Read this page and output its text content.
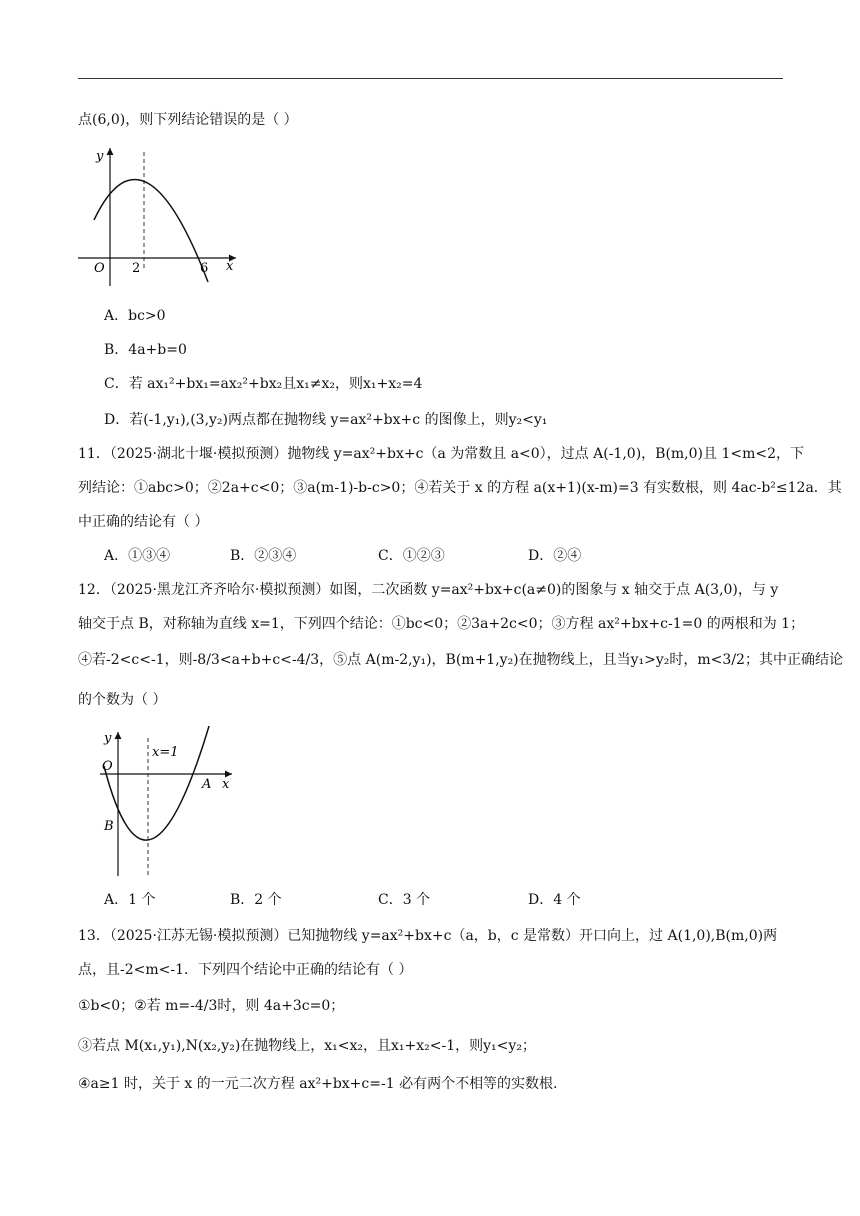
点(6,0)，则下列结论错误的是（ ）
y
x
O 2	6
A．bc>0
B．4a+b=0
C．若 ax₁²+bx₁=ax₂²+bx₂且x₁≠x₂，则x₁+x₂=4
D．若(-1,y₁),(3,y₂)两点都在抛物线 y=ax²+bx+c 的图像上，则y₂<y₁
11．（2025·湖北十堰·模拟预测）抛物线 y=ax²+bx+c（a 为常数且 a<0），过点 A(-1,0)，B(m,0)且 1<m<2，下
列结论：①abc>0；②2a+c<0；③a(m-1)-b-c>0；④若关于 x 的方程 a(x+1)(x-m)=3 有实数根，则 4ac-b²≤12a．其
中正确的结论有（ ）
A．①③④	B．②③④	C．①②③	D．②④
12．（2025·黑龙江齐齐哈尔·模拟预测）如图，二次函数 y=ax²+bx+c(a≠0)的图象与 x 轴交于点 A(3,0)，与 y
轴交于点 B，对称轴为直线 x=1，下列四个结论：①bc<0；②3a+2c<0；③方程 ax²+bx+c-1=0 的两根和为 1；
④若-2<c<-1，则-8/3<a+b+c<-4/3，⑤点 A(m-2,y₁)，B(m+1,y₂)在抛物线上，且当y₁>y₂时，m<3/2；其中正确结论
的个数为（ ）
y
O
x=1
A x
B
A．1 个	B．2 个	C．3 个	D．4 个
13．（2025·江苏无锡·模拟预测）已知抛物线 y=ax²+bx+c（a，b，c 是常数）开口向上，过 A(1,0),B(m,0)两
点，且-2<m<-1．下列四个结论中正确的结论有（ ）
①b<0；②若 m=-4/3时，则 4a+3c=0；
③若点 M(x₁,y₁),N(x₂,y₂)在抛物线上，x₁<x₂，且x₁+x₂<-1，则y₁<y₂；
④a≥1 时，关于 x 的一元二次方程 ax²+bx+c=-1 必有两个不相等的实数根.
